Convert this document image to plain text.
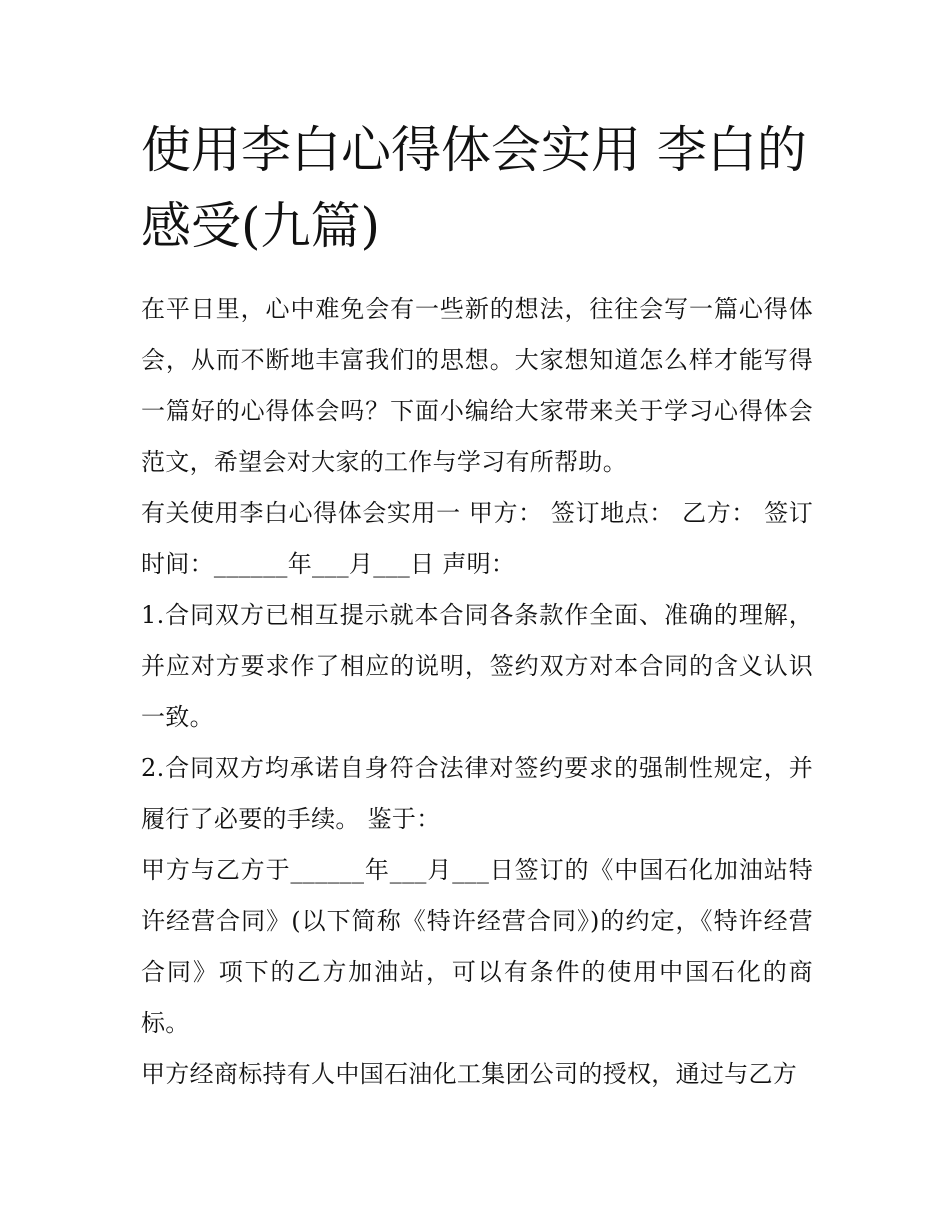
使用李白心得体会实用 李白的感受(九篇)

在平日里，心中难免会有一些新的想法，往往会写一篇心得体会，从而不断地丰富我们的思想。大家想知道怎么样才能写得一篇好的心得体会吗？下面小编给大家带来关于学习心得体会范文，希望会对大家的工作与学习有所帮助。

有关使用李白心得体会实用一 甲方： 签订地点： 乙方： 签订时间：______年___月___日 声明：

1.合同双方已相互提示就本合同各条款作全面、准确的理解，并应对方要求作了相应的说明，签约双方对本合同的含义认识一致。

2.合同双方均承诺自身符合法律对签约要求的强制性规定，并履行了必要的手续。 鉴于：

甲方与乙方于______年___月___日签订的《中国石化加油站特许经营合同》(以下简称《特许经营合同》)的约定，《特许经营合同》项下的乙方加油站，可以有条件的使用中国石化的商标。

甲方经商标持有人中国石油化工集团公司的授权，通过与乙方
